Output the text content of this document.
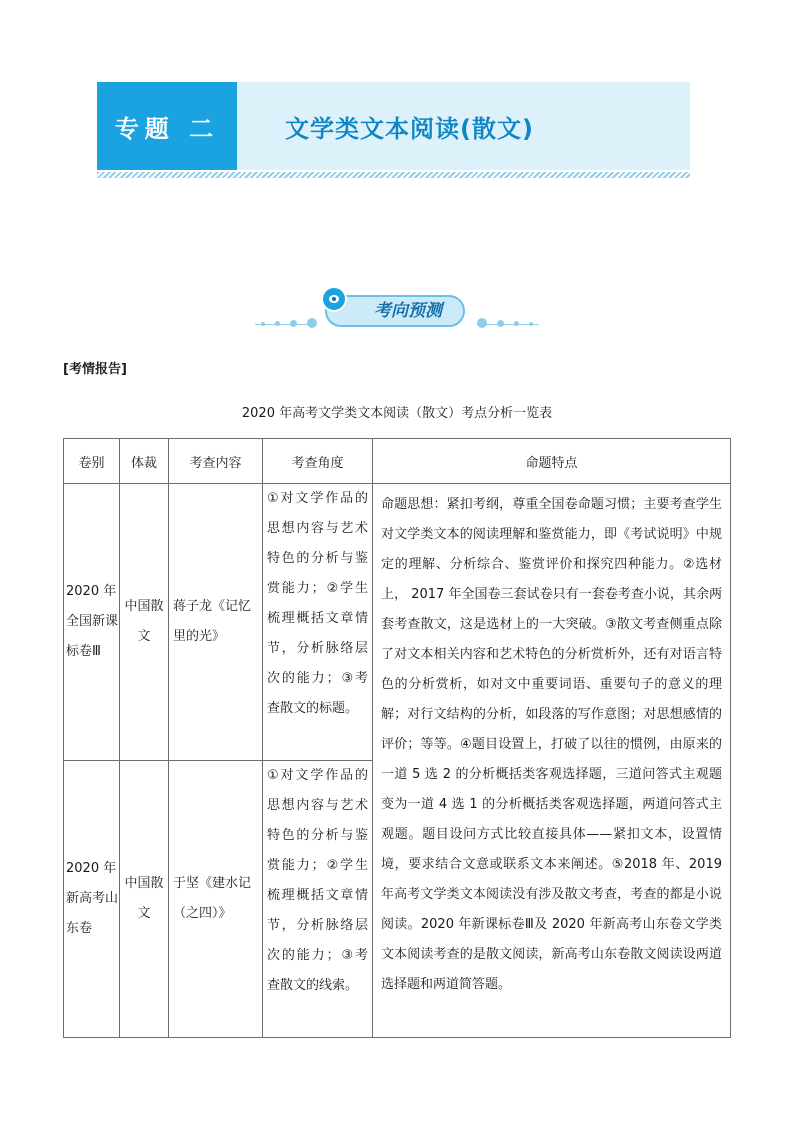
专题 二	文学类文本阅读(散文)
考向预测
[考情报告]
2020 年高考文学类文本阅读（散文）考点分析一览表
卷别	体裁	考查内容	考查角度	命题特点
2020 年全国新课标卷Ⅲ	中国散文	蒋子龙《记忆里的光》	①对文学作品的思想内容与艺术特色的分析与鉴赏能力；②学生梳理概括文章情节，分析脉络层次的能力；③考查散文的标题。	命题思想：紧扣考纲，尊重全国卷命题习惯；主要考查学生对文学类文本的阅读理解和鉴赏能力，即《考试说明》中规定的理解、分析综合、鉴赏评价和探究四种能力。②选材上， 2017 年全国卷三套试卷只有一套卷考查小说，其余两套考查散文，这是选材上的一大突破。③散文考查侧重点除了对文本相关内容和艺术特色的分析赏析外，还有对语言特色的分析赏析，如对文中重要词语、重要句子的意义的理解；对行文结构的分析，如段落的写作意图；对思想感情的评价；等等。④题目设置上，打破了以往的惯例，由原来的一道 5 选 2 的分析概括类客观选择题，三道问答式主观题变为一道 4 选 1 的分析概括类客观选择题，两道问答式主观题。题目设问方式比较直接具体——紧扣文本，设置情境，要求结合文意或联系文本来阐述。⑤2018 年、2019 年高考文学类文本阅读没有涉及散文考查，考查的都是小说阅读。2020 年新课标卷Ⅲ及 2020 年新高考山东卷文学类文本阅读考查的是散文阅读，新高考山东卷散文阅读设两道选择题和两道简答题。
2020 年新高考山东卷	中国散文	于坚《建水记（之四）》	①对文学作品的思想内容与艺术特色的分析与鉴赏能力；②学生梳理概括文章情节，分析脉络层次的能力；③考查散文的线索。	
